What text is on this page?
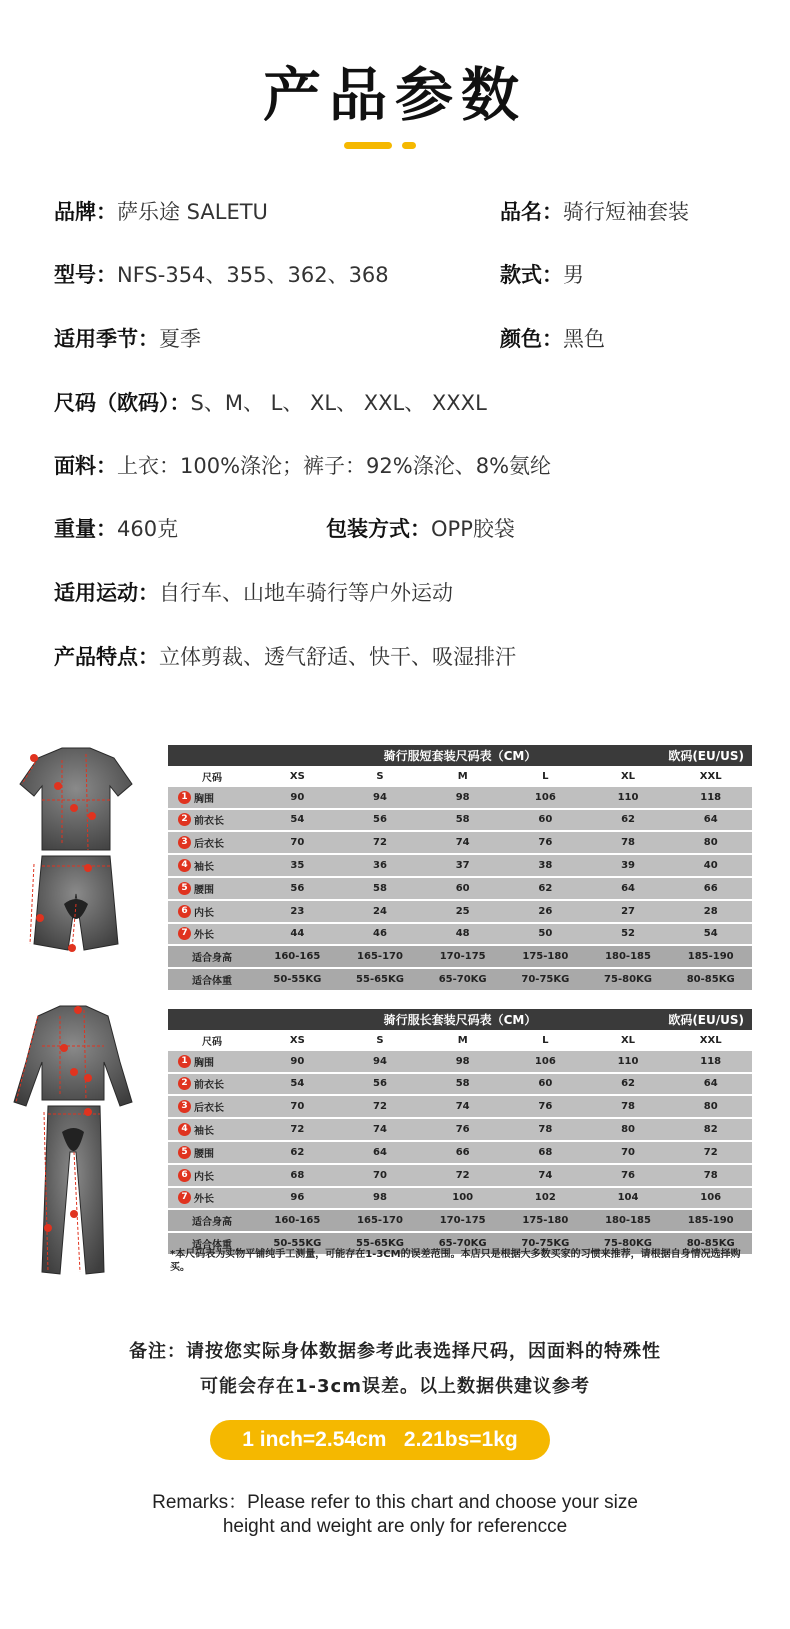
产品参数
品牌：萨乐途 SALETU	品名：骑行短袖套装
型号：NFS-354、355、362、368	款式：男
适用季节：夏季	颜色：黑色
尺码（欧码）：S、M、 L、 XL、 XXL、 XXXL
面料：上衣：100%涤沦；裤子：92%涤沦、8%氨纶
重量：460克	包装方式：OPP胶袋
适用运动：自行车、山地车骑行等户外运动
产品特点：立体剪裁、透气舒适、快干、吸湿排汗
骑行服短套装尺码表（CM）	欧码(EU/US)
尺码	XS	S	M	L	XL	XXL
1 胸围	90	94	98	106	110	118
2 前衣长	54	56	58	60	62	64
3 后衣长	70	72	74	76	78	80
4 袖长	35	36	37	38	39	40
5 腰围	56	58	60	62	64	66
6 内长	23	24	25	26	27	28
7 外长	44	46	48	50	52	54
适合身高	160-165	165-170	170-175	175-180	180-185	185-190
适合体重	50-55KG	55-65KG	65-70KG	70-75KG	75-80KG	80-85KG
骑行服长套装尺码表（CM）	欧码(EU/US)
尺码	XS	S	M	L	XL	XXL
1 胸围	90	94	98	106	110	118
2 前衣长	54	56	58	60	62	64
3 后衣长	70	72	74	76	78	80
4 袖长	72	74	76	78	80	82
5 腰围	62	64	66	68	70	72
6 内长	68	70	72	74	76	78
7 外长	96	98	100	102	104	106
适合身高	160-165	165-170	170-175	175-180	180-185	185-190
适合体重	50-55KG	55-65KG	65-70KG	70-75KG	75-80KG	80-85KG
*本尺码表为实物平铺纯手工测量，可能存在1-3CM的误差范围。本店只是根据大多数买家的习惯来推荐，请根据自身情况选择购买。
备注：请按您实际身体数据参考此表选择尺码，因面料的特殊性
可能会存在1-3cm误差。以上数据供建议参考
1 inch=2.54cm   2.21bs=1kg
Remarks：Please refer to this chart and choose your size
height and weight are only for referencce
